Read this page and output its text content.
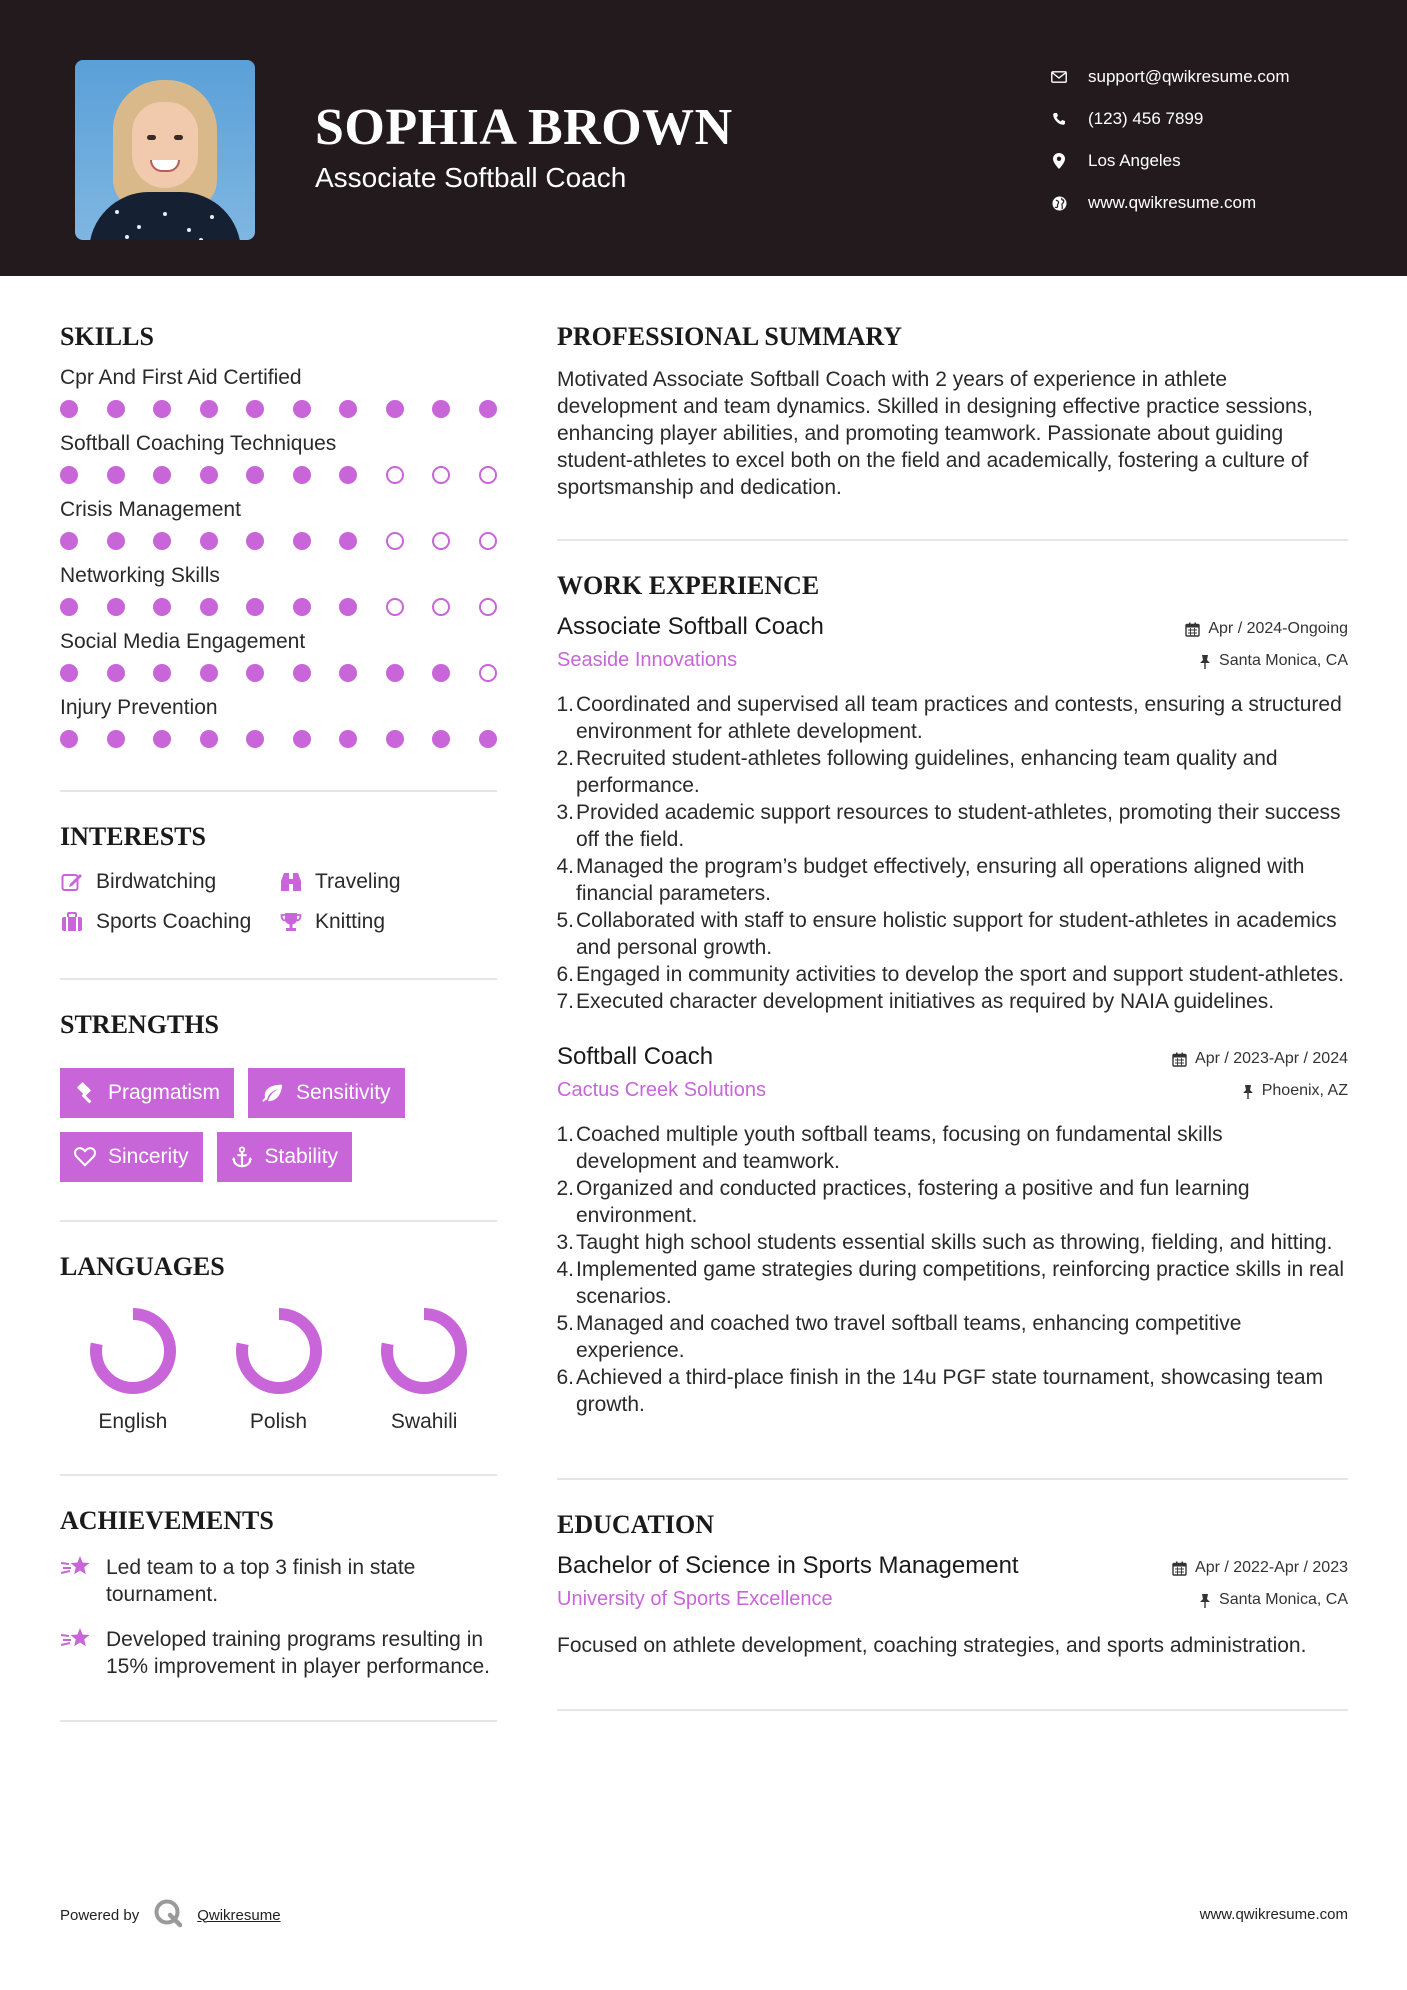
SOPHIA BROWN
Associate Softball Coach
support@qwikresume.com
(123) 456 7899
Los Angeles
www.qwikresume.com
SKILLS
Cpr And First Aid Certified
Softball Coaching Techniques
Crisis Management
Networking Skills
Social Media Engagement
Injury Prevention
INTERESTS
Birdwatching	Traveling
Sports Coaching	Knitting
STRENGTHS
Pragmatism	Sensitivity
Sincerity	Stability
LANGUAGES
English	Polish	Swahili
ACHIEVEMENTS
Led team to a top 3 finish in state tournament.
Developed training programs resulting in 15% improvement in player performance.
PROFESSIONAL SUMMARY
Motivated Associate Softball Coach with 2 years of experience in athlete development and team dynamics. Skilled in designing effective practice sessions, enhancing player abilities, and promoting teamwork. Passionate about guiding student-athletes to excel both on the field and academically, fostering a culture of sportsmanship and dedication.
WORK EXPERIENCE
Associate Softball Coach
Seaside Innovations
Apr / 2024-Ongoing
Santa Monica, CA
1. Coordinated and supervised all team practices and contests, ensuring a structured environment for athlete development.
2. Recruited student-athletes following guidelines, enhancing team quality and performance.
3. Provided academic support resources to student-athletes, promoting their success off the field.
4. Managed the program’s budget effectively, ensuring all operations aligned with financial parameters.
5. Collaborated with staff to ensure holistic support for student-athletes in academics and personal growth.
6. Engaged in community activities to develop the sport and support student-athletes.
7. Executed character development initiatives as required by NAIA guidelines.
Softball Coach
Cactus Creek Solutions
Apr / 2023-Apr / 2024
Phoenix, AZ
1. Coached multiple youth softball teams, focusing on fundamental skills development and teamwork.
2. Organized and conducted practices, fostering a positive and fun learning environment.
3. Taught high school students essential skills such as throwing, fielding, and hitting.
4. Implemented game strategies during competitions, reinforcing practice skills in real scenarios.
5. Managed and coached two travel softball teams, enhancing competitive experience.
6. Achieved a third-place finish in the 14u PGF state tournament, showcasing team growth.
EDUCATION
Bachelor of Science in Sports Management
University of Sports Excellence
Apr / 2022-Apr / 2023
Santa Monica, CA
Focused on athlete development, coaching strategies, and sports administration.
Powered by	Qwikresume	www.qwikresume.com
